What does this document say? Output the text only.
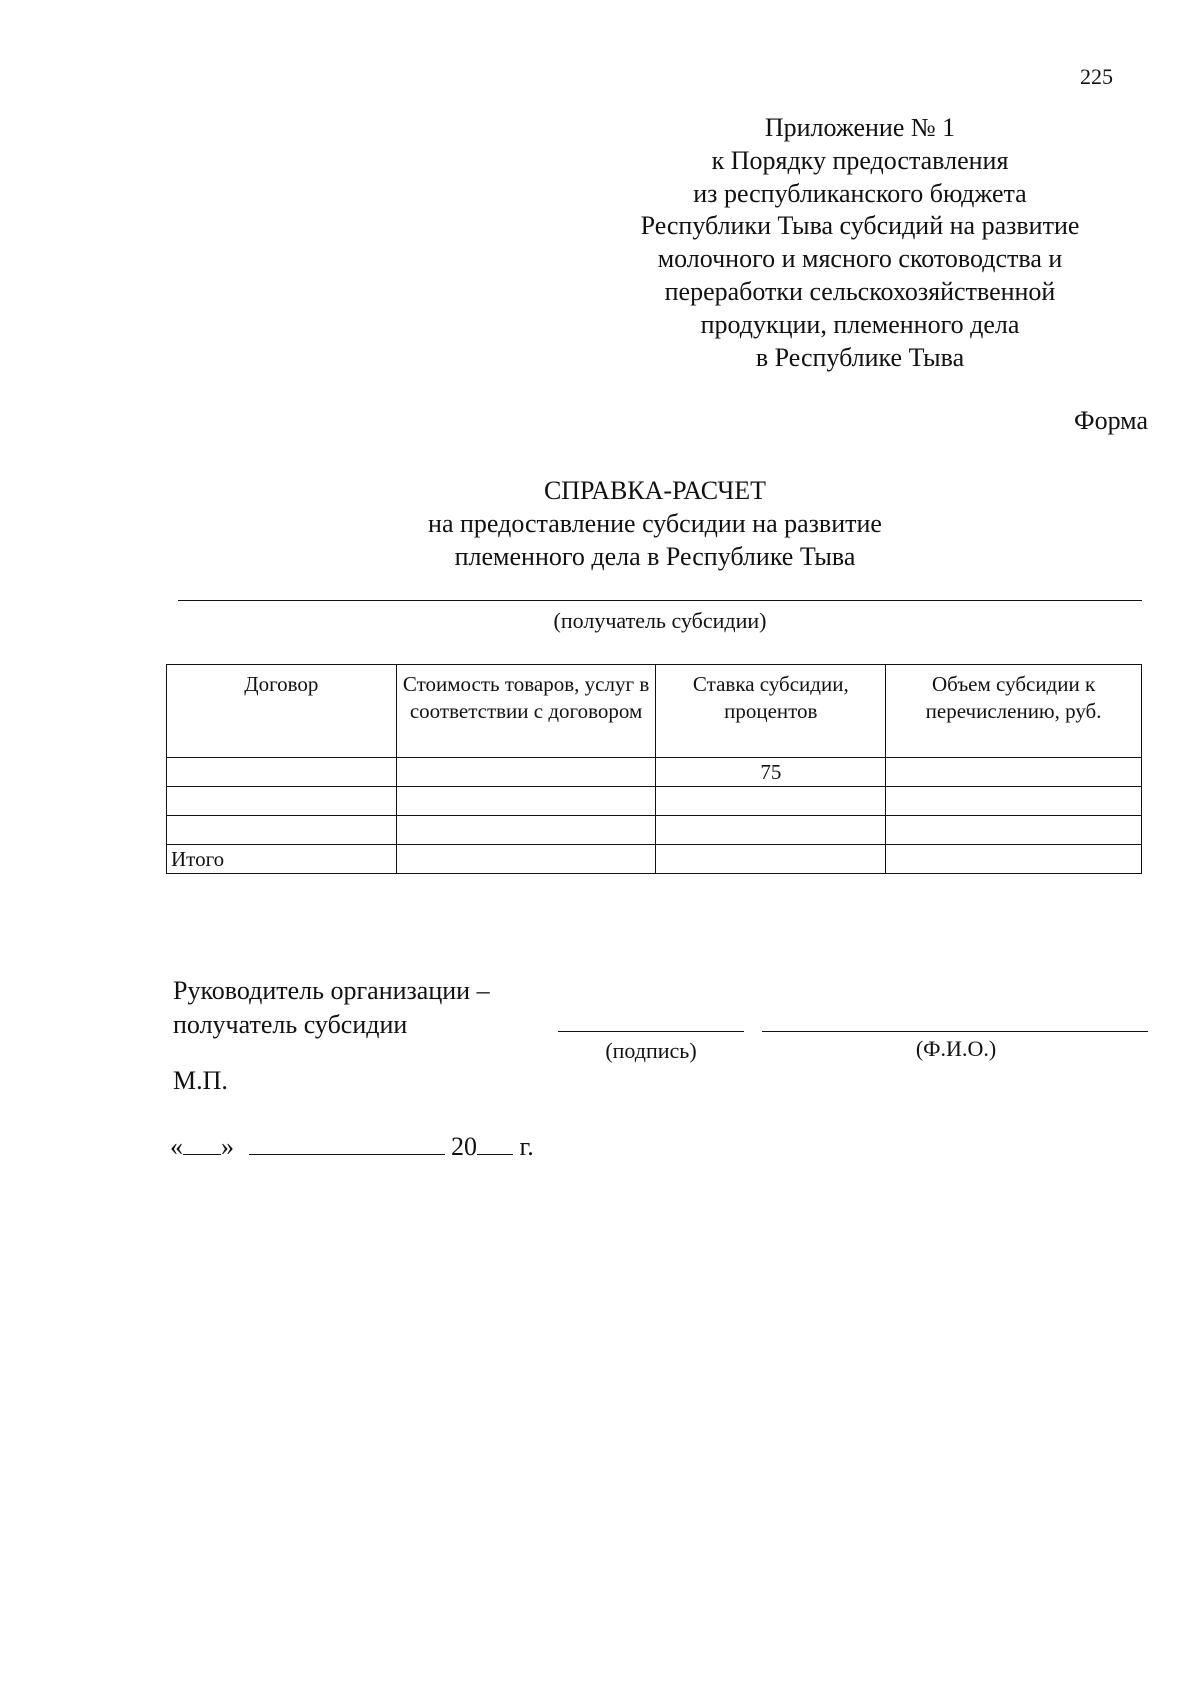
225
Приложение № 1
к Порядку предоставления
из республиканского бюджета
Республики Тыва субсидий на развитие
молочного и мясного скотоводства и
переработки сельскохозяйственной
продукции, племенного дела
в Республике Тыва
Форма
СПРАВКА-РАСЧЕТ
на предоставление субсидии на развитие
племенного дела в Республике Тыва
(получатель субсидии)
Договор	Стоимость товаров, услуг в соответствии с договором	Ставка субсидии, процентов	Объем субсидии к перечислению, руб.
		75	

Итого			
Руководитель организации –
получатель субсидии
(подпись)	(Ф.И.О.)
М.П.
« »	20 г.
